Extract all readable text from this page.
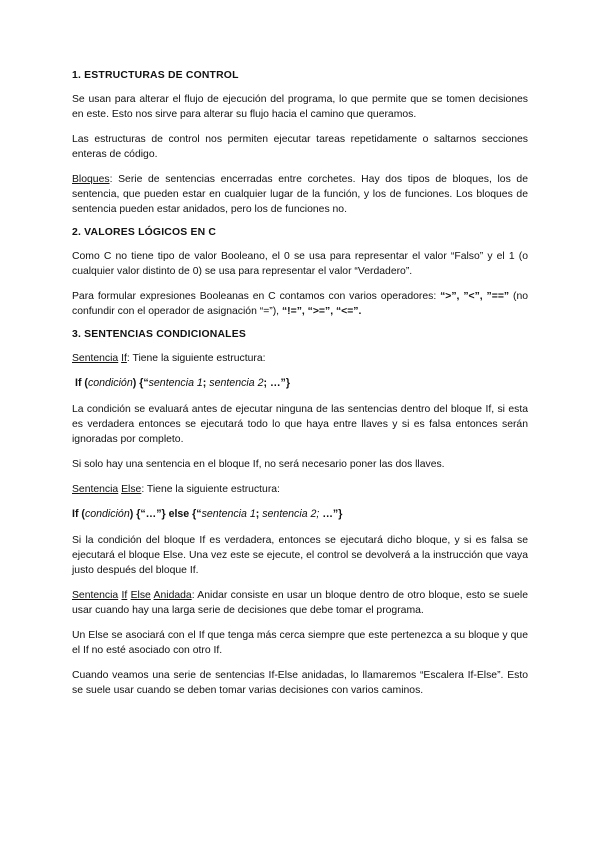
1. ESTRUCTURAS DE CONTROL

Se usan para alterar el flujo de ejecución del programa, lo que permite que se tomen decisiones en este. Esto nos sirve para alterar su flujo hacia el camino que queramos.

Las estructuras de control nos permiten ejecutar tareas repetidamente o saltarnos secciones enteras de código.

Bloques: Serie de sentencias encerradas entre corchetes. Hay dos tipos de bloques, los de sentencia, que pueden estar en cualquier lugar de la función, y los de funciones. Los bloques de sentencia pueden estar anidados, pero los de funciones no.

2. VALORES LÓGICOS EN C

Como C no tiene tipo de valor Booleano, el 0 se usa para representar el valor “Falso” y el 1 (o cualquier valor distinto de 0) se usa para representar el valor “Verdadero”.

Para formular expresiones Booleanas en C contamos con varios operadores: “>”, ”<”, ”==” (no confundir con el operador de asignación “=”), “!=”, “>=”, “<=”.

3. SENTENCIAS CONDICIONALES

Sentencia If: Tiene la siguiente estructura:

If (condición) {“sentencia 1; sentencia 2; …”}

La condición se evaluará antes de ejecutar ninguna de las sentencias dentro del bloque If, si esta es verdadera entonces se ejecutará todo lo que haya entre llaves y si es falsa entonces serán ignoradas por completo.

Si solo hay una sentencia en el bloque If, no será necesario poner las dos llaves.

Sentencia Else: Tiene la siguiente estructura:

If (condición) {“…”} else {“sentencia 1; sentencia 2; …”}

Si la condición del bloque If es verdadera, entonces se ejecutará dicho bloque, y si es falsa se ejecutará el bloque Else. Una vez este se ejecute, el control se devolverá a la instrucción que vaya justo después del bloque If.

Sentencia If Else Anidada: Anidar consiste en usar un bloque dentro de otro bloque, esto se suele usar cuando hay una larga serie de decisiones que debe tomar el programa.

Un Else se asociará con el If que tenga más cerca siempre que este pertenezca a su bloque y que el If no esté asociado con otro If.

Cuando veamos una serie de sentencias If-Else anidadas, lo llamaremos “Escalera If-Else”. Esto se suele usar cuando se deben tomar varias decisiones con varios caminos.
